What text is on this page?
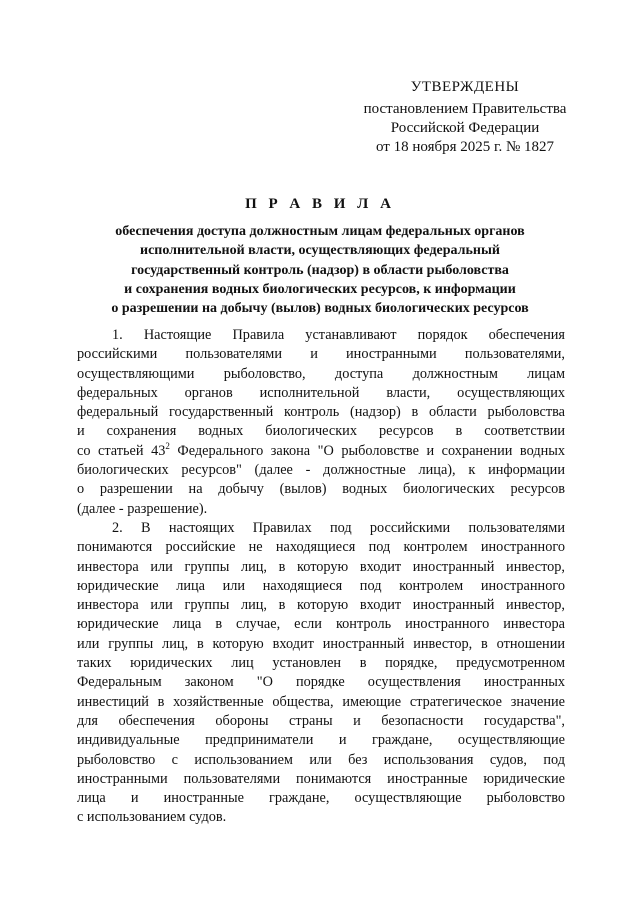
УТВЕРЖДЕНЫ
постановлением Правительства
Российской Федерации
от 18 ноября 2025 г. № 1827
П Р А В И Л А
обеспечения доступа должностным лицам федеральных органов
исполнительной власти, осуществляющих федеральный
государственный контроль (надзор) в области рыболовства
и сохранения водных биологических ресурсов, к информации
о разрешении на добычу (вылов) водных биологических ресурсов
1. Настоящие Правила устанавливают порядок обеспечения
российскими пользователями и иностранными пользователями,
осуществляющими рыболовство, доступа должностным лицам
федеральных органов исполнительной власти, осуществляющих
федеральный государственный контроль (надзор) в области рыболовства
и сохранения водных биологических ресурсов в соответствии
со статьей $43^2$ Федерального закона "О рыболовстве и сохранении водных
биологических ресурсов" (далее - должностные лица), к информации
о разрешении на добычу (вылов) водных биологических ресурсов
(далее - разрешение).
2. В настоящих Правилах под российскими пользователями
понимаются российские не находящиеся под контролем иностранного
инвестора или группы лиц, в которую входит иностранный инвестор,
юридические лица или находящиеся под контролем иностранного
инвестора или группы лиц, в которую входит иностранный инвестор,
юридические лица в случае, если контроль иностранного инвестора
или группы лиц, в которую входит иностранный инвестор, в отношении
таких юридических лиц установлен в порядке, предусмотренном
Федеральным законом "О порядке осуществления иностранных
инвестиций в хозяйственные общества, имеющие стратегическое значение
для обеспечения обороны страны и безопасности государства",
индивидуальные предприниматели и граждане, осуществляющие
рыболовство с использованием или без использования судов, под
иностранными пользователями понимаются иностранные юридические
лица и иностранные граждане, осуществляющие рыболовство
с использованием судов.
